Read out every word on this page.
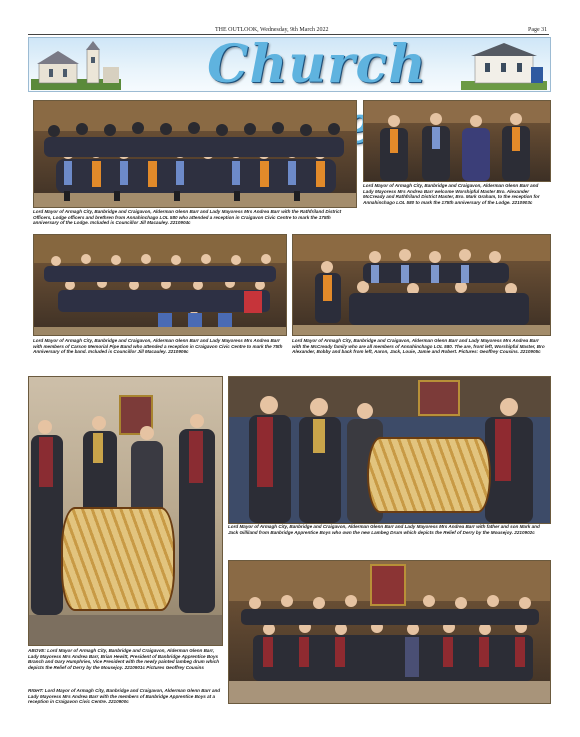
THE OUTLOOK, Wednesday, 9th March 2022	Page 31
Church

Lord Mayor of Armagh City, Banbridge and Craigavon, Alderman Glenn Barr and Lady Mayoress Mrs Andrea Barr with the Rathfriland District Officers, Lodge officers and brethren from Annahinchago LOL 580 who attended a reception in Craigavon Civic Centre to mark the 175th anniversary of the Lodge. Included is Councillor Jill Macauley. 2210904c

Lord Mayor of Armagh City, Banbridge and Craigavon, Alderman Glenn Barr and Lady Mayoress Mrs Andrea Barr welcome Worshipful Master Bro. Alexander McCready and Rathfriland District Master, Bro. Mark Graham, to the reception for Annahinchago LOL 580 to mark the 175th anniversary of the Lodge. 2210903c

Lord Mayor of Armagh City, Banbridge and Craigavon, Alderman Glenn Barr and Lady Mayoress Mrs Andrea Barr with members of Carson Memorial Pipe Band who attended a reception in Craigavon Civic Centre to mark the 75th Anniversary of the band. Included is Councillor Jill Macauley. 2210906c

Lord Mayor of Armagh City, Banbridge and Craigavon, Alderman Glenn Barr and Lady Mayoress Mrs Andrea Barr with the McCready family who are all members of Annahinchago LOL 580. The are, front left, Worshipful Master, Bro Alexander, Bobby and back from left, Aaron, Jack, Louie, Jamie and Robert. Pictures: Geoffrey Cousins. 2210905c

ABOVE: Lord Mayor of Armagh City, Banbridge and Craigavon, Alderman Glenn Barr, Lady Mayoress Mrs Andrea Barr, Brian Hewitt, President of Banbridge Apprentice Boys Branch and Gary Humphries, Vice President with the newly painted lambeg drum which depicts the Relief of Derry by the Mousejoy. 2210901c Pictures Geoffrey Cousins

RIGHT: Lord Mayor of Armagh City, Banbridge and Craigavon, Alderman Glenn Barr and Lady Mayoress Mrs Andrea Barr with the members of Banbridge Apprentice Boys at a reception in Craigavon Civic Centre. 2210900c

Lord Mayor of Armagh City, Banbridge and Craigavon, Alderman Glenn Barr and Lady Mayoress Mrs Andrea Barr with father and son Mark and Jack Gilliland from Banbridge Apprentice Boys who own the new Lambeg Drum which depicts the Relief of Derry by the Mousejoy. 2210902c
